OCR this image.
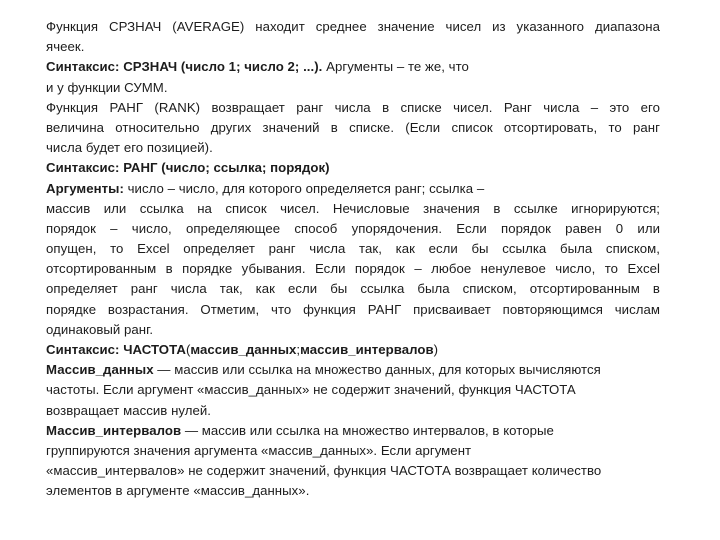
Функция СРЗНАЧ (AVERAGE) находит среднее значение чисел из указанного диапазона
ячеек.
Синтаксис: СРЗНАЧ (число 1; число 2; ...). Аргументы – те же, что
и у функции СУММ.
Функция РАНГ (RANK) возвращает ранг числа в списке чисел. Ранг числа – это его
величина относительно других значений в списке. (Если список отсортировать, то ранг
числа будет его позицией).
Синтаксис: РАНГ (число; ссылка; порядок)
Аргументы: число – число, для которого определяется ранг; ссылка –
массив или ссылка на список чисел. Нечисловые значения в ссылке игнорируются;
порядок – число, определяющее способ упорядочения. Если порядок равен 0 или
опущен, то Excel определяет ранг числа так, как если бы ссылка была списком,
отсортированным в порядке убывания. Если порядок – любое ненулевое число, то Excel
определяет ранг числа так, как если бы ссылка была списком, отсортированным в
порядке возрастания. Отметим, что функция РАНГ присваивает повторяющимся числам
одинаковый ранг.
Синтаксис: ЧАСТОТА(массив_данных;массив_интервалов)
Массив_данных — массив или ссылка на множество данных, для которых вычисляются
частоты. Если аргумент «массив_данных» не содержит значений, функция ЧАСТОТА
возвращает массив нулей.
Массив_интервалов — массив или ссылка на множество интервалов, в которые
группируются значения аргумента «массив_данных». Если аргумент
«массив_интервалов» не содержит значений, функция ЧАСТОТА возвращает количество
элементов в аргументе «массив_данных».
